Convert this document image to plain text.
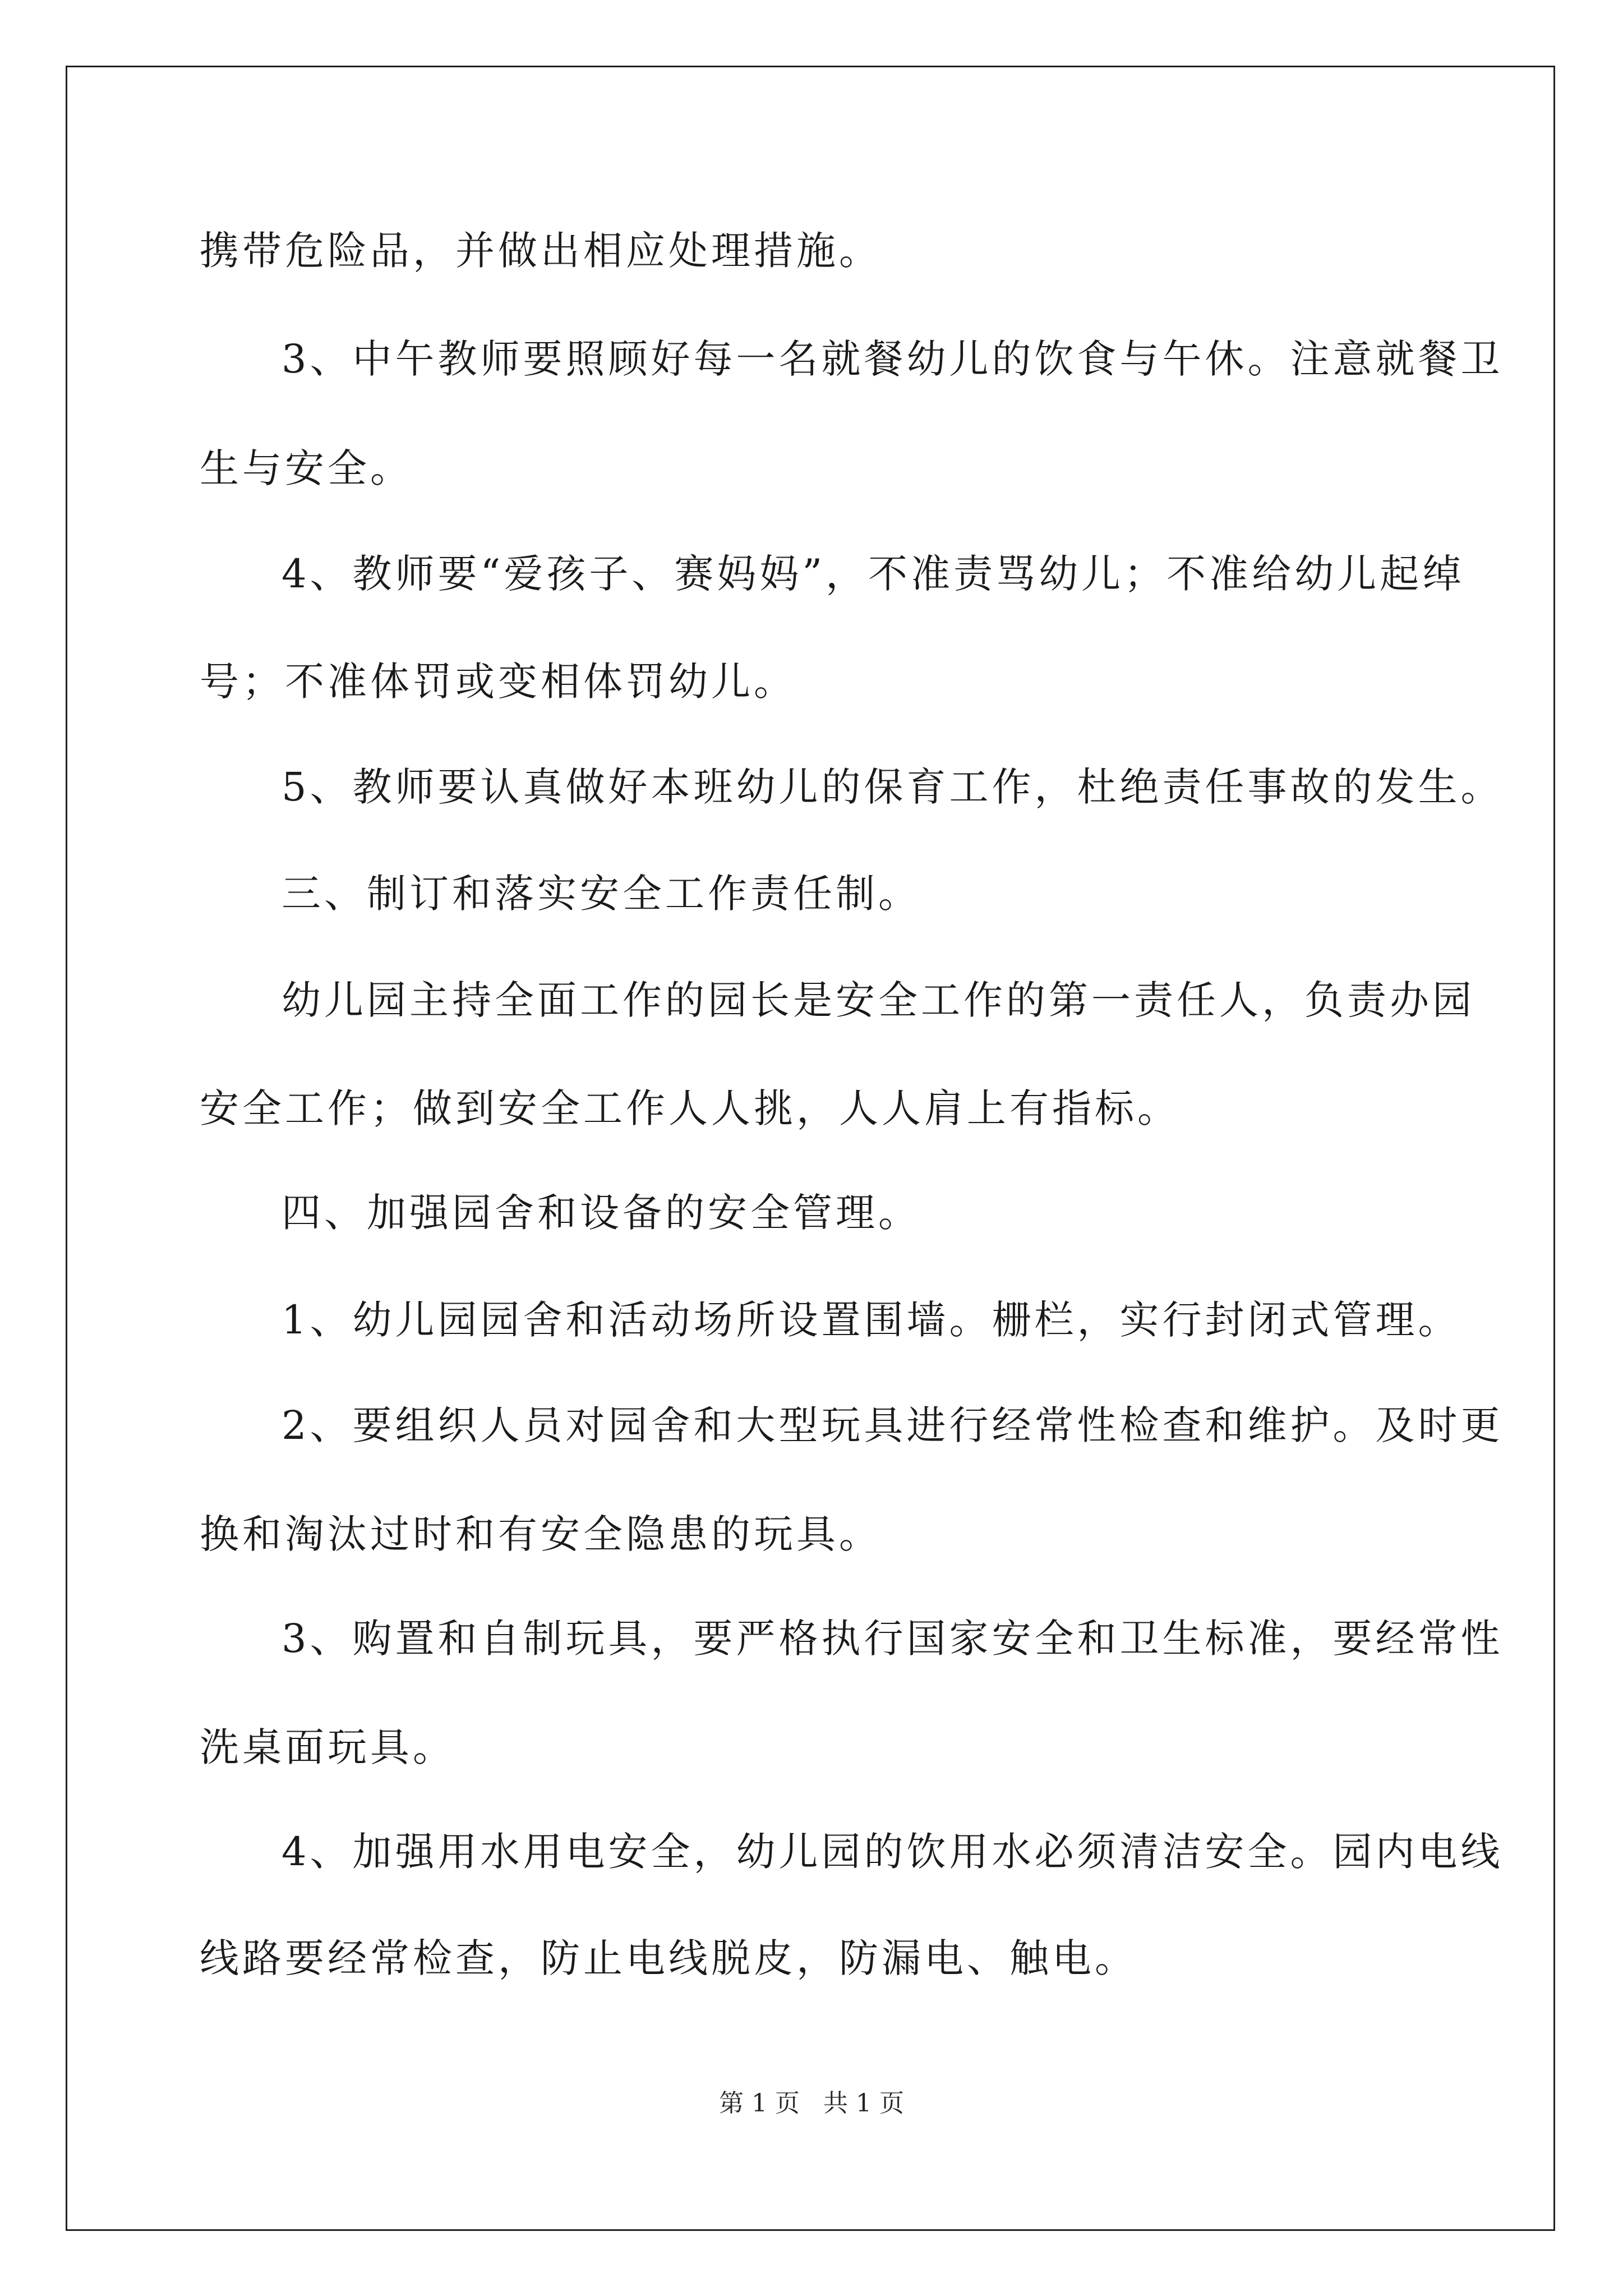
携带危险品，并做出相应处理措施。
3、中午教师要照顾好每一名就餐幼儿的饮食与午休。注意就餐卫
生与安全。
4、教师要“爱孩子、赛妈妈”，不准责骂幼儿；不准给幼儿起绰
号；不准体罚或变相体罚幼儿。
5、教师要认真做好本班幼儿的保育工作，杜绝责任事故的发生。
三、制订和落实安全工作责任制。
幼儿园主持全面工作的园长是安全工作的第一责任人，负责办园
安全工作；做到安全工作人人挑，人人肩上有指标。
四、加强园舍和设备的安全管理。
1、幼儿园园舍和活动场所设置围墙。栅栏，实行封闭式管理。
2、要组织人员对园舍和大型玩具进行经常性检查和维护。及时更
换和淘汰过时和有安全隐患的玩具。
3、购置和自制玩具，要严格执行国家安全和卫生标准，要经常性
洗桌面玩具。
4、加强用水用电安全，幼儿园的饮用水必须清洁安全。园内电线
线路要经常检查，防止电线脱皮，防漏电、触电。
第 1 页   共 1 页
